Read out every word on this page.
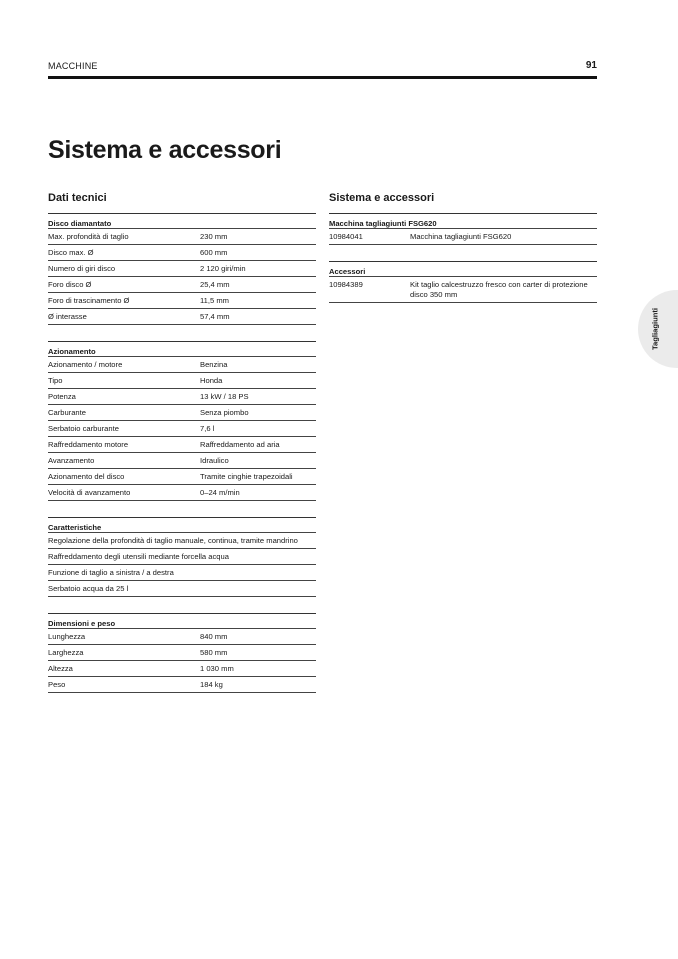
MACCHINE	91
Sistema e accessori
Dati tecnici	Sistema e accessori
Disco diamantato
Max. profondità di taglio	230 mm
Disco max. Ø	600 mm
Numero di giri disco	2 120 giri/min
Foro disco Ø	25,4 mm
Foro di trascinamento Ø	11,5 mm
Ø interasse	57,4 mm
Azionamento
Azionamento / motore	Benzina
Tipo	Honda
Potenza	13 kW / 18 PS
Carburante	Senza piombo
Serbatoio carburante	7,6 l
Raffreddamento motore	Raffreddamento ad aria
Avanzamento	Idraulico
Azionamento del disco	Tramite cinghie trapezoidali
Velocità di avanzamento	0–24 m/min
Caratteristiche
Regolazione della profondità di taglio manuale, continua, tramite mandrino
Raffreddamento degli utensili mediante forcella acqua
Funzione di taglio a sinistra / a destra
Serbatoio acqua da 25 l
Dimensioni e peso
Lunghezza	840 mm
Larghezza	580 mm
Altezza	1 030 mm
Peso	184 kg
Macchina tagliagiunti FSG620
10984041	Macchina tagliagiunti FSG620
Accessori
10984389	Kit taglio calcestruzzo fresco con carter di protezione disco 350 mm
Tagliagiunti
